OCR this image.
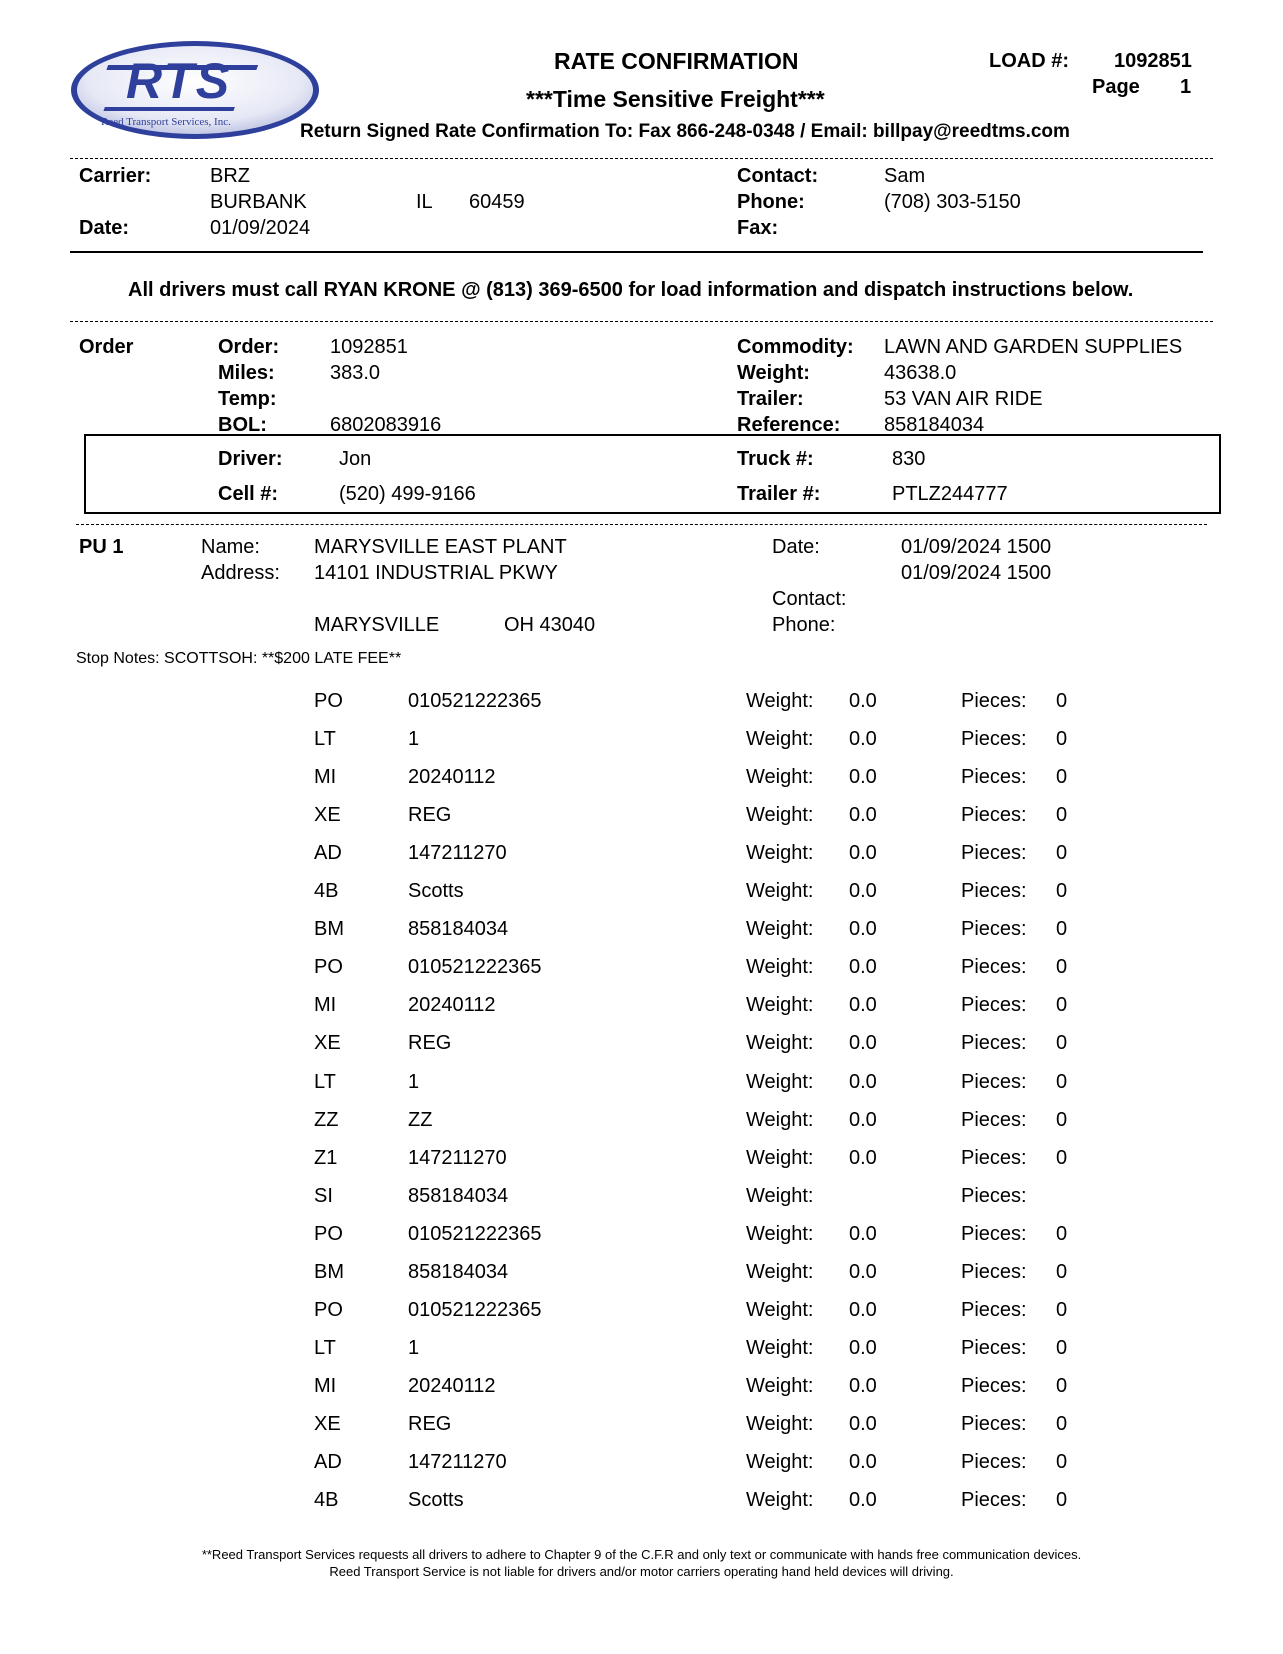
RTS
Reed Transport Services, Inc.
RATE CONFIRMATION
***Time Sensitive Freight***
Return Signed Rate Confirmation To: Fax 866-248-0348 / Email: billpay@reedtms.com
LOAD #: 1092851
Page 1
Carrier:	BRZ
BURBANK	IL 60459
Date:	01/09/2024
Contact:	Sam
Phone:	(708) 303-5150
Fax:
All drivers must call RYAN KRONE @ (813) 369-6500 for load information and dispatch instructions below.
Order	Order:	1092851
Miles:	383.0
Temp:
BOL:	6802083916
Commodity: LAWN AND GARDEN SUPPLIES
Weight:	43638.0
Trailer:	53 VAN AIR RIDE
Reference: 858184034
Driver:	Jon
Cell #:	(520) 499-9166
Truck #:	830
Trailer #:	PTLZ244777
PU 1	Name:	MARYSVILLE EAST PLANT
Address: 14101 INDUSTRIAL PKWY
MARYSVILLE	OH 43040
Date:	01/09/2024 1500
01/09/2024 1500
Contact:
Phone:
Stop Notes: SCOTTSOH: **$200 LATE FEE**
PO	010521222365	Weight: 0.0	Pieces: 0
LT	1	Weight: 0.0	Pieces: 0
MI	20240112	Weight: 0.0	Pieces: 0
XE	REG	Weight: 0.0	Pieces: 0
AD	147211270	Weight: 0.0	Pieces: 0
4B	Scotts	Weight: 0.0	Pieces: 0
BM	858184034	Weight: 0.0	Pieces: 0
PO	010521222365	Weight: 0.0	Pieces: 0
MI	20240112	Weight: 0.0	Pieces: 0
XE	REG	Weight: 0.0	Pieces: 0
LT	1	Weight: 0.0	Pieces: 0
ZZ	ZZ	Weight: 0.0	Pieces: 0
Z1	147211270	Weight: 0.0	Pieces: 0
SI	858184034	Weight:	Pieces:
PO	010521222365	Weight: 0.0	Pieces: 0
BM	858184034	Weight: 0.0	Pieces: 0
PO	010521222365	Weight: 0.0	Pieces: 0
LT	1	Weight: 0.0	Pieces: 0
MI	20240112	Weight: 0.0	Pieces: 0
XE	REG	Weight: 0.0	Pieces: 0
AD	147211270	Weight: 0.0	Pieces: 0
4B	Scotts	Weight: 0.0	Pieces: 0
**Reed Transport Services requests all drivers to adhere to Chapter 9 of the C.F.R and only text or communicate with hands free communication devices.
Reed Transport Service is not liable for drivers and/or motor carriers operating hand held devices will driving.
